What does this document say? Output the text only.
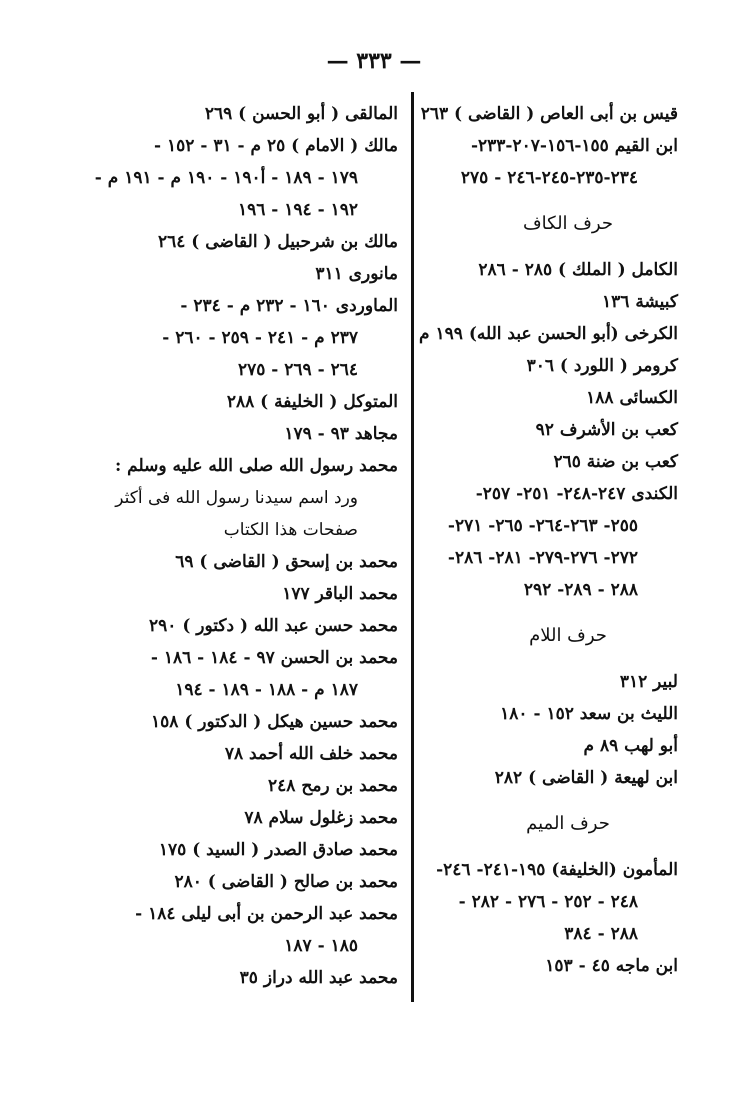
— ٣٣٣ —
قيس بن أبى العاص ( القاضى ) ٢٦٣
ابن القيم ١٥٥-١٥٦-٢٠٧-٢٣٣-
٢٣٤-٢٣٥-٢٤٥-٢٤٦ - ٢٧٥
حرف الكاف
الكامل ( الملك ) ٢٨٥ - ٢٨٦
كبيشة ١٣٦
الكرخى (أبو الحسن عبد الله) ١٩٩ م
كرومر ( اللورد ) ٣٠٦
الكسائى ١٨٨
كعب بن الأشرف ٩٢
كعب بن ضنة ٢٦٥
الكندى ٢٤٧-٢٤٨- ٢٥١- ٢٥٧-
٢٥٥- ٢٦٣-٢٦٤- ٢٦٥- ٢٧١-
٢٧٢- ٢٧٦-٢٧٩- ٢٨١- ٢٨٦-
٢٨٨ - ٢٨٩- ٢٩٢
حرف اللام
لبير ٣١٢
الليث بن سعد ١٥٢ - ١٨٠
أبو لهب ٨٩ م
ابن لهيعة ( القاضى ) ٢٨٢
حرف الميم
المأمون (الخليفة) ١٩٥-٢٤١- ٢٤٦-
٢٤٨ - ٢٥٢ - ٢٧٦ - ٢٨٢ -
٢٨٨ - ٣٨٤
ابن ماجه ٤٥ - ١٥٣
المالقى ( أبو الحسن ) ٢٦٩
مالك ( الامام ) ٢٥ م - ٣١ - ١٥٢ -
١٧٩ - ١٨٩ - أ١٩٠ - ١٩٠ م - ١٩١ م -
١٩٢ - ١٩٤ - ١٩٦
مالك بن شرحبيل ( القاضى ) ٢٦٤
مانورى ٣١١
الماوردى ١٦٠ - ٢٣٢ م - ٢٣٤ -
٢٣٧ م - ٢٤١ - ٢٥٩ - ٢٦٠ -
٢٦٤ - ٢٦٩ - ٢٧٥
المتوكل ( الخليفة ) ٢٨٨
مجاهد ٩٣ - ١٧٩
محمد رسول الله صلى الله عليه وسلم :
ورد اسم سيدنا رسول الله فى أكثر
صفحات هذا الكتاب
محمد بن إسحق ( القاضى ) ٦٩
محمد الباقر ١٧٧
محمد حسن عبد الله ( دكتور ) ٢٩٠
محمد بن الحسن ٩٧ - ١٨٤ - ١٨٦ -
١٨٧ م - ١٨٨ - ١٨٩ - ١٩٤
محمد حسين هيكل ( الدكتور ) ١٥٨
محمد خلف الله أحمد ٧٨
محمد بن رمح ٢٤٨
محمد زغلول سلام ٧٨
محمد صادق الصدر ( السيد ) ١٧٥
محمد بن صالح ( القاضى ) ٢٨٠
محمد عبد الرحمن بن أبى ليلى ١٨٤ -
١٨٥ - ١٨٧
محمد عبد الله دراز ٣٥
